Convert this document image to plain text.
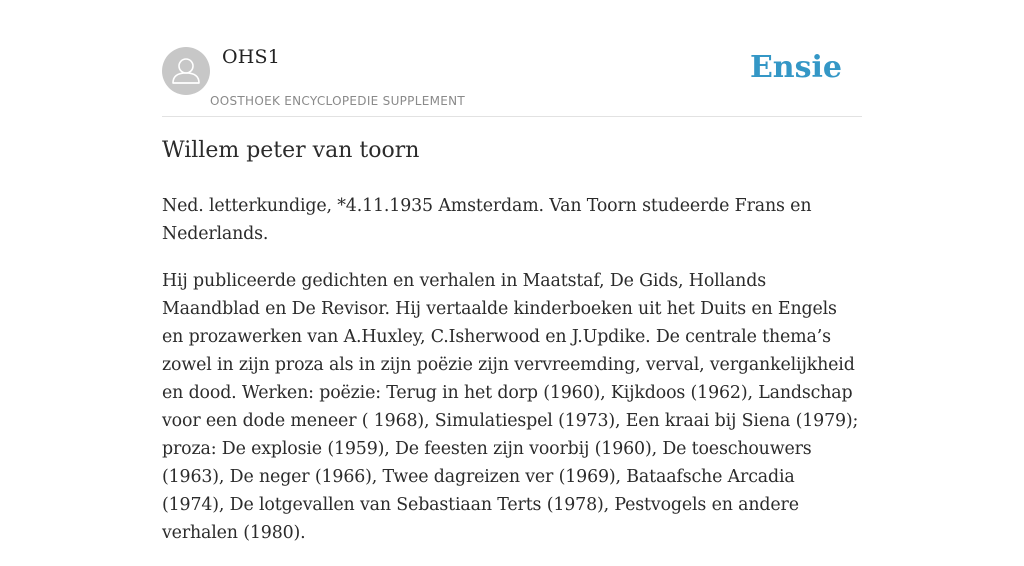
OHS1
OOSTHOEK ENCYCLOPEDIE SUPPLEMENT
Ensie
Willem peter van toorn

Ned. letterkundige, *4.11.1935 Amsterdam. Van Toorn studeerde Frans en Nederlands.

Hij publiceerde gedichten en verhalen in Maatstaf, De Gids, Hollands Maandblad en De Revisor. Hij vertaalde kinderboeken uit het Duits en Engels en prozawerken van A.Huxley, C.Isherwood en J.Updike. De centrale thema’s zowel in zijn proza als in zijn poëzie zijn vervreemding, verval, vergankelijkheid en dood. Werken: poëzie: Terug in het dorp (1960), Kijkdoos (1962), Landschap voor een dode meneer ( 1968), Simulatiespel (1973), Een kraai bij Siena (1979); proza: De explosie (1959), De feesten zijn voorbij (1960), De toeschouwers (1963), De neger (1966), Twee dagreizen ver (1969), Bataafsche Arcadia (1974), De lotgevallen van Sebastiaan Terts (1978), Pestvogels en andere verhalen (1980).
